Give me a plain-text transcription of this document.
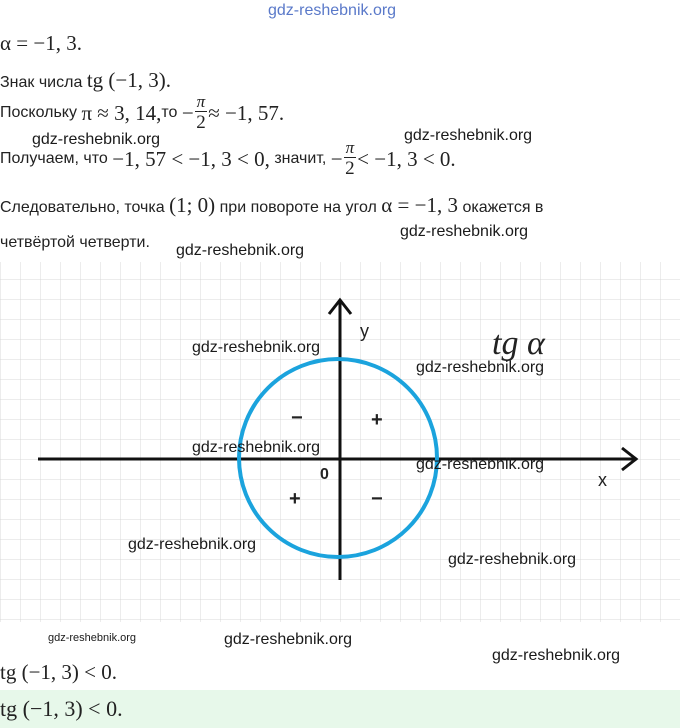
gdz-reshebnik.org
α = −1, 3.
Знак числа tg (−1, 3).
Поскольку
π ≈ 3, 14, то
− $\frac{\pi}{2} \approx -1$, 57.
Получаем, что
−1, 57 < −1, 3 < 0,
значит,
− $\frac{\pi}{2} < -1$, 3 < 0.
Следовательно, точка (1; 0) при повороте на угол α = −1, 3 окажется в
четвёртой четверти.
y
x
0
tg α
+
−
+	−
gdz-reshebnik.org	gdz-reshebnik.org
gdz-reshebnik.org
gdz-reshebnik.org
gdz-reshebnik.org
gdz-reshebnik.org
gdz-reshebnik.org
gdz-reshebnik.org
gdz-reshebnik.org
gdz-reshebnik.org
gdz-reshebnik.org	gdz-reshebnik.org
gdz-reshebnik.org
tg (−1, 3) < 0.
tg (−1, 3) < 0.
